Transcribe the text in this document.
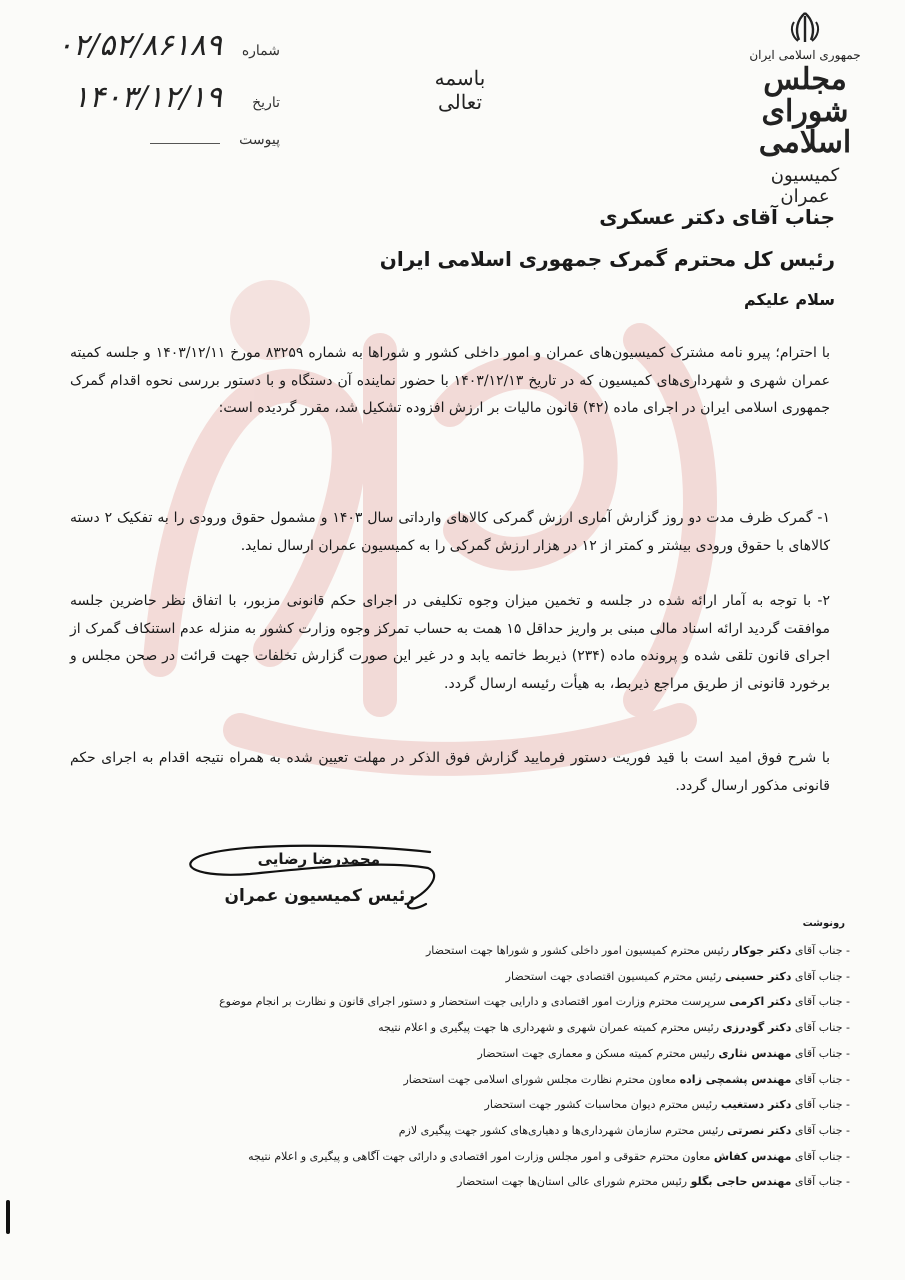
جمهوری اسلامی ایران
مجلس شورای اسلامی
کمیسیون عمران
باسمه تعالی
شماره
۰۲/۵۲/۸۶۱۸۹
تاریخ
۱۴۰۳/۱۲/۱۹
پیوست
جناب آقای دکتر عسکری
رئیس کل محترم گمرک جمهوری اسلامی ایران
سلام علیکم
با احترام؛ پیرو نامه مشترک کمیسیون‌های عمران و امور داخلی کشور و شوراها به شماره ۸۳۲۵۹ مورخ ۱۴۰۳/۱۲/۱۱ و جلسه کمیته عمران شهری و شهرداری‌های کمیسیون که در تاریخ ۱۴۰۳/۱۲/۱۳ با حضور نماینده آن دستگاه و با دستور بررسی نحوه اقدام گمرک جمهوری اسلامی ایران در اجرای ماده (۴۲) قانون مالیات بر ارزش افزوده تشکیل شد، مقرر گردیده است:
۱- گمرک ظرف مدت دو روز گزارش آماری ارزش گمرکی کالاهای وارداتی سال ۱۴۰۳ و مشمول حقوق ورودی را به تفکیک ۲ دسته کالاهای با حقوق ورودی بیشتر و کمتر از ۱۲ در هزار ارزش گمرکی را به کمیسیون عمران ارسال نماید.
۲- با توجه به آمار ارائه شده در جلسه و تخمین میزان وجوه تکلیفی در اجرای حکم قانونی مزبور، با اتفاق نظر حاضرین جلسه موافقت گردید ارائه اسناد مالی مبنی بر واریز حداقل ۱۵ همت به حساب تمرکز وجوه وزارت کشور به منزله عدم استنکاف گمرک از اجرای قانون تلقی شده و پرونده ماده (۲۳۴) ذیربط خاتمه یابد و در غیر این صورت گزارش تخلفات جهت قرائت در صحن مجلس و برخورد قانونی از طریق مراجع ذیربط، به هیأت رئیسه ارسال گردد.
با شرح فوق امید است با قید فوریت دستور فرمایید گزارش فوق الذکر در مهلت تعیین شده به همراه نتیجه اقدام به اجرای حکم قانونی مذکور ارسال گردد.
محمدرضا رضایی
رئیس کمیسیون عمران
رونوشت
- جناب آقای دکتر جوکار رئیس محترم کمیسیون امور داخلی کشور و شوراها جهت استحضار
- جناب آقای دکتر حسینی رئیس محترم کمیسیون اقتصادی جهت استحضار
- جناب آقای دکتر اکرمی سرپرست محترم وزارت امور اقتصادی و دارایی جهت استحضار و دستور اجرای قانون و نظارت بر انجام موضوع
- جناب آقای دکتر گودرزی رئیس محترم کمیته عمران شهری و شهرداری ها جهت پیگیری و اعلام نتیجه
- جناب آقای مهندس نثاری رئیس محترم کمیته مسکن و معماری جهت استحضار
- جناب آقای مهندس پشمچی زاده معاون محترم نظارت مجلس شورای اسلامی جهت استحضار
- جناب آقای دکتر دستغیب رئیس محترم دیوان محاسبات کشور جهت استحضار
- جناب آقای دکتر نصرتی رئیس محترم سازمان شهرداری‌ها و دهیاری‌های کشور جهت پیگیری لازم
- جناب آقای مهندس کفاش معاون محترم حقوقی و امور مجلس وزارت امور اقتصادی و دارائی جهت آگاهی و پیگیری و اعلام نتیجه
- جناب آقای مهندس حاجی بگلو رئیس محترم شورای عالی استان‌ها جهت استحضار
